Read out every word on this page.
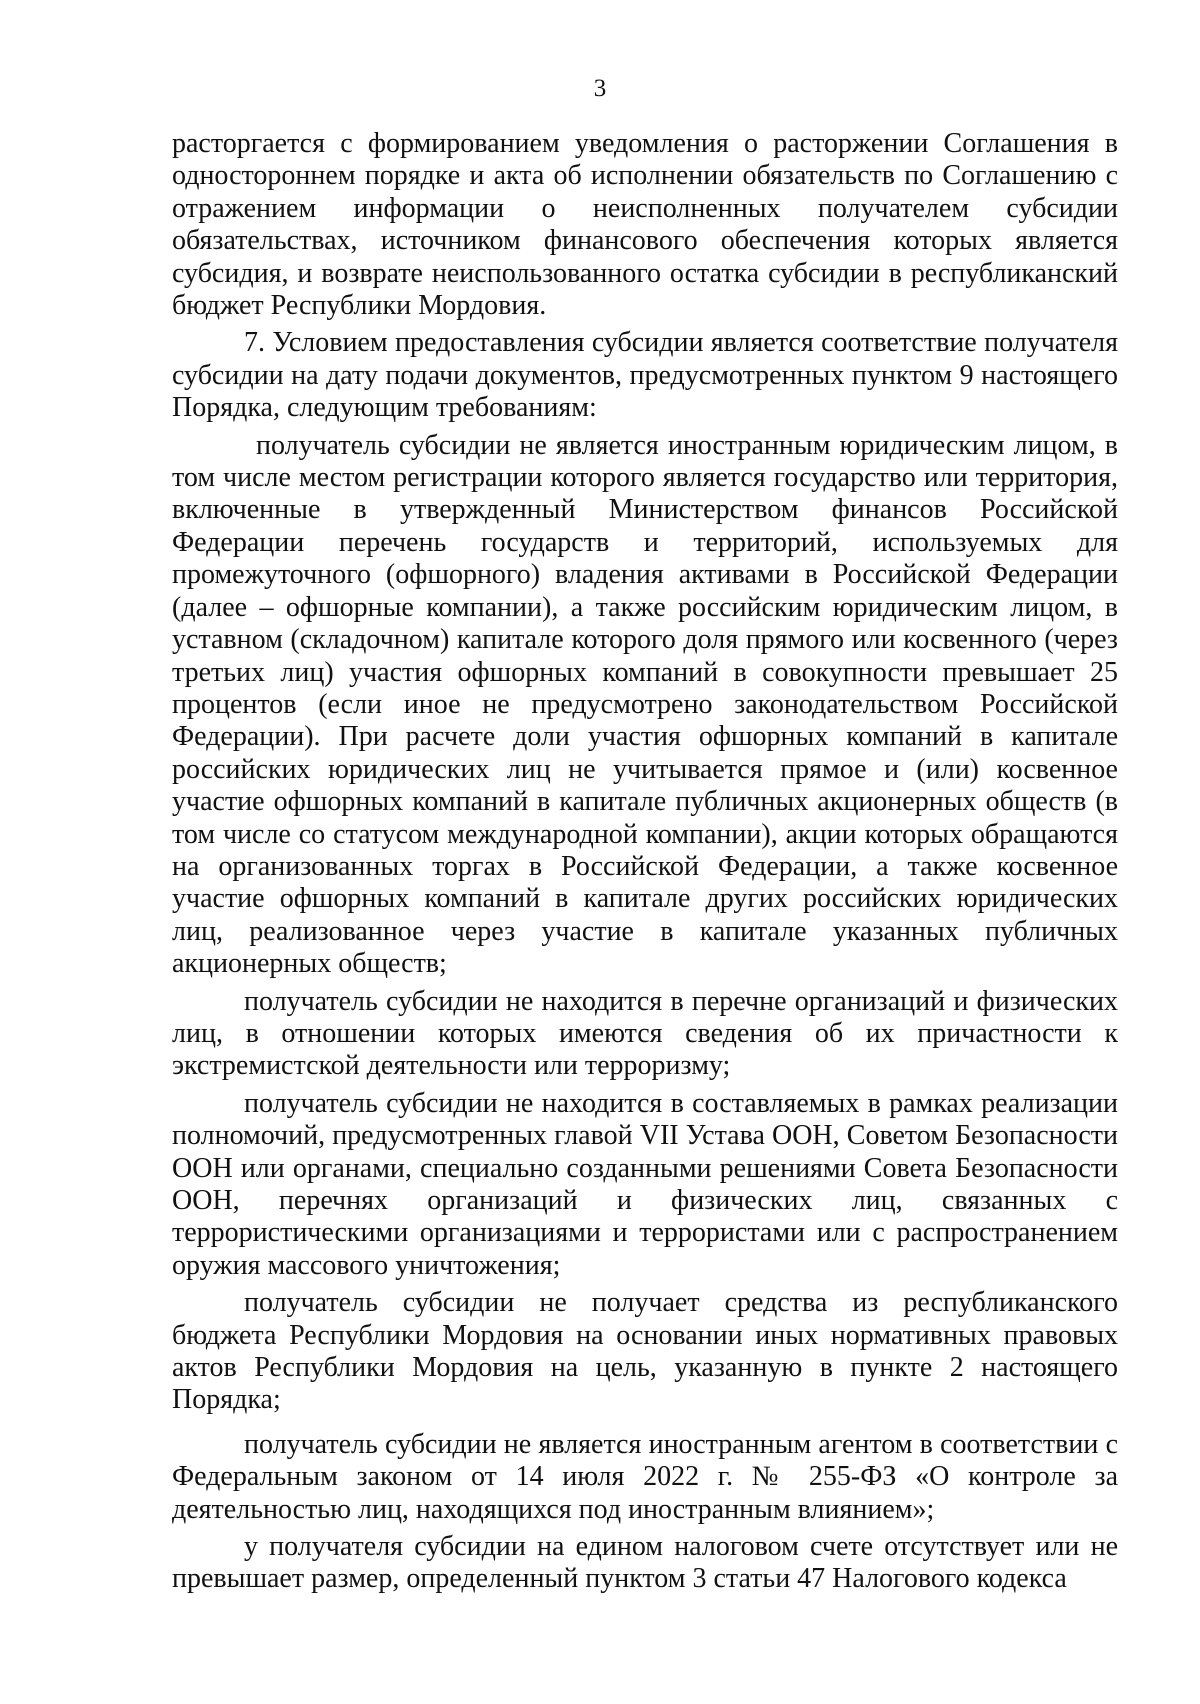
3

расторгается с формированием уведомления о расторжении Соглашения в одностороннем порядке и акта об исполнении обязательств по Соглашению с отражением информации о неисполненных получателем субсидии обязательствах, источником финансового обеспечения которых является субсидия, и возврате неиспользованного остатка субсидии в республиканский бюджет Республики Мордовия.

7. Условием предоставления субсидии является соответствие получателя субсидии на дату подачи документов, предусмотренных пунктом 9 настоящего Порядка, следующим требованиям:

получатель субсидии не является иностранным юридическим лицом, в том числе местом регистрации которого является государство или территория, включенные в утвержденный Министерством финансов Российской Федерации перечень государств и территорий, используемых для промежуточного (офшорного) владения активами в Российской Федерации (далее – офшорные компании), а также российским юридическим лицом, в уставном (складочном) капитале которого доля прямого или косвенного (через третьих лиц) участия офшорных компаний в совокупности превышает 25 процентов (если иное не предусмотрено законодательством Российской Федерации). При расчете доли участия офшорных компаний в капитале российских юридических лиц не учитывается прямое и (или) косвенное участие офшорных компаний в капитале публичных акционерных обществ (в том числе со статусом международной компании), акции которых обращаются на организованных торгах в Российской Федерации, а также косвенное участие офшорных компаний в капитале других российских юридических лиц, реализованное через участие в капитале указанных публичных акционерных обществ;

получатель субсидии не находится в перечне организаций и физических лиц, в отношении которых имеются сведения об их причастности к экстремистской деятельности или терроризму;

получатель субсидии не находится в составляемых в рамках реализации полномочий, предусмотренных главой VII Устава ООН, Советом Безопасности ООН или органами, специально созданными решениями Совета Безопасности ООН, перечнях организаций и физических лиц, связанных с террористическими организациями и террористами или с распространением оружия массового уничтожения;

получатель субсидии не получает средства из республиканского бюджета Республики Мордовия на основании иных нормативных правовых актов Республики Мордовия на цель, указанную в пункте 2 настоящего Порядка;

получатель субсидии не является иностранным агентом в соответствии с Федеральным законом от 14 июля 2022 г. № 255-ФЗ «О контроле за деятельностью лиц, находящихся под иностранным влиянием»;

у получателя субсидии на едином налоговом счете отсутствует или не превышает размер, определенный пунктом 3 статьи 47 Налогового кодекса
